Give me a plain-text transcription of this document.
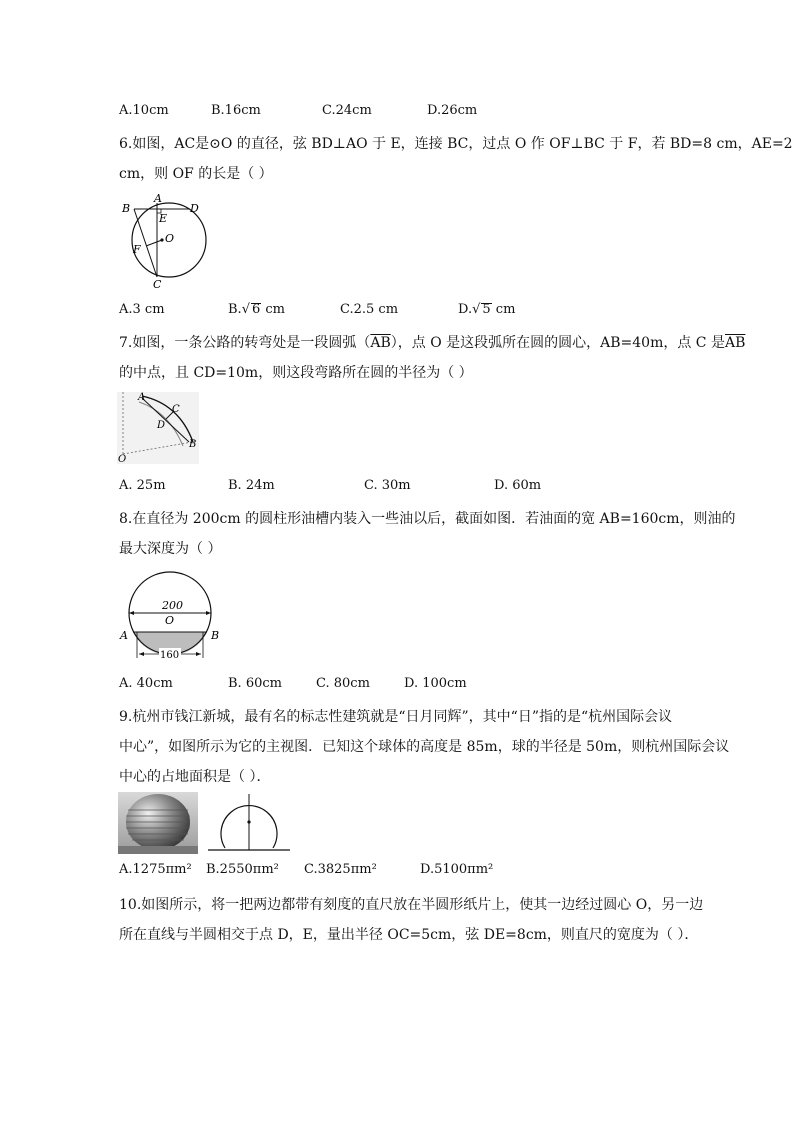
A.10cm	B.16cm	C.24cm	D.26cm
6.如图，AC是⊙O 的直径，弦 BD⊥AO 于 E，连接 BC，过点 O 作 OF⊥BC 于 F，若 BD=8 cm，AE=2
cm，则 OF 的长是（ ）
A
B	D
E
O
F
C
A.3 cm	B.√ 6 cm	C.2.5 cm	D.√ 5 cm
7.如图，一条公路的转弯处是一段圆弧$(\overline{AB})$，点 O 是这段弧所在圆的圆心，AB=40m，点 C 是$\overline{AB}$
的中点，且 CD=10m，则这段弯路所在圆的半径为（ ）
A
C
D
B
O
A. 25m	B. 24m	C. 30m	D. 60m
8.在直径为 200cm 的圆柱形油槽内装入一些油以后，截面如图．若油面的宽 AB=160cm，则油的
最大深度为（ ）
200
O
A	B
160
A. 40cm	B. 60cm	C. 80cm	D. 100cm
9.杭州市钱江新城，最有名的标志性建筑就是“日月同辉”，其中“日”指的是“杭州国际会议
中心”，如图所示为它的主视图．已知这个球体的高度是 85m，球的半径是 50m，则杭州国际会议
中心的占地面积是（ ）．
A.1275πm² B.2550πm² C.3825πm²	D.5100πm²
10.如图所示，将一把两边都带有刻度的直尺放在半圆形纸片上，使其一边经过圆心 O，另一边
所在直线与半圆相交于点 D，E，量出半径 OC=5cm，弦 DE=8cm，则直尺的宽度为（ ）．
